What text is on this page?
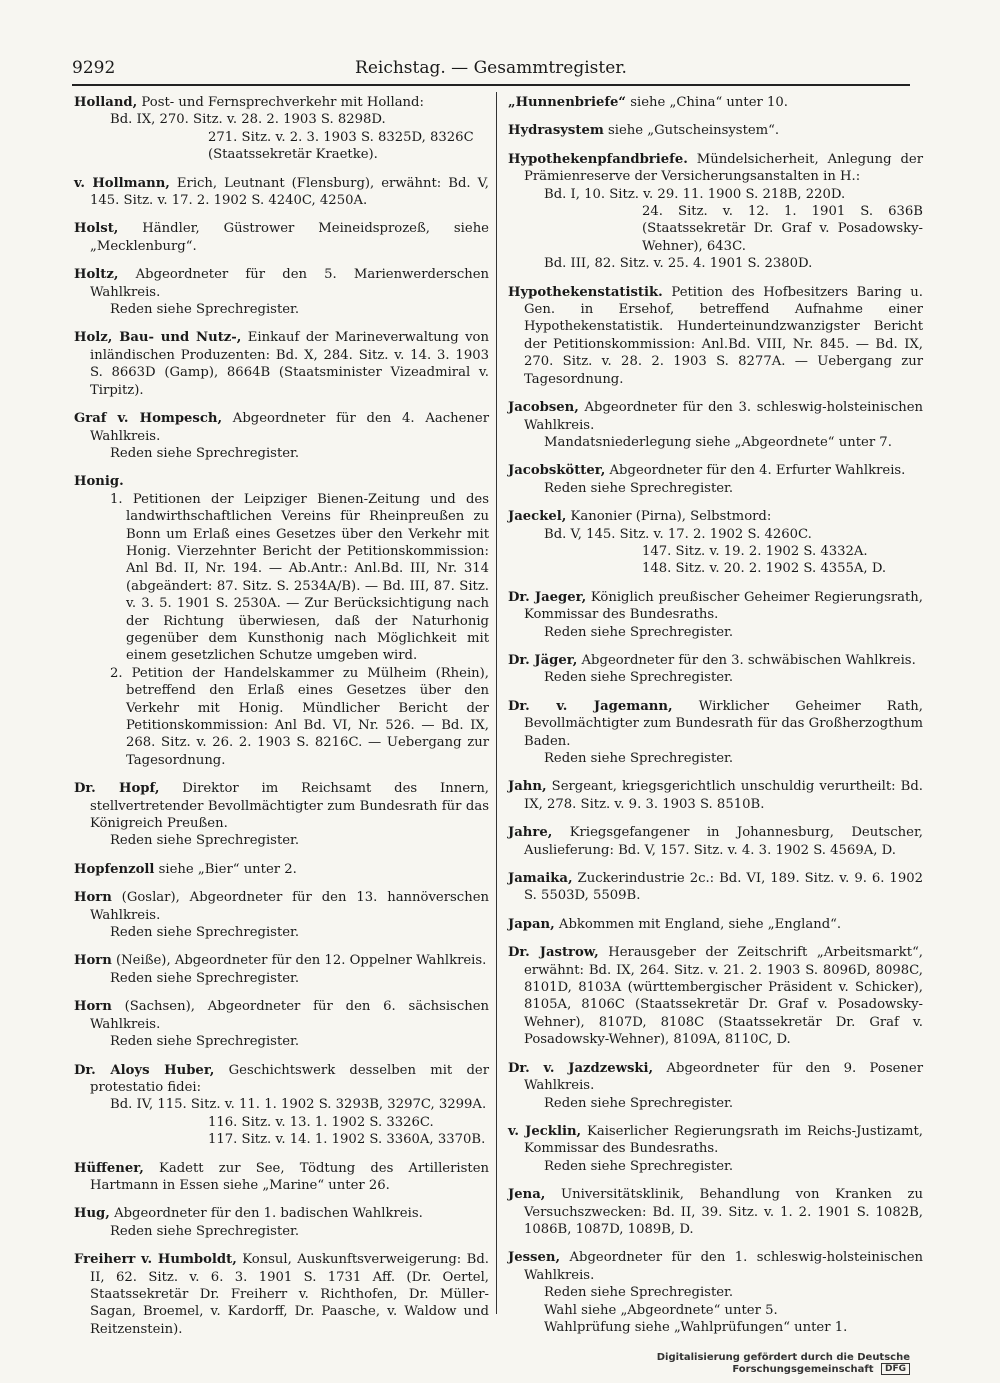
9292	Reichstag. — Gesammtregister.
Holland, Post- und Fernsprechverkehr mit Holland:
Bd. IX, 270. Sitz. v. 28. 2. 1903 S. 8298D.
271. Sitz. v. 2. 3. 1903 S. 8325D, 8326C
(Staatssekretär Kraetke).
v. Hollmann, Erich, Leutnant (Flensburg), erwähnt: Bd. V, 145. Sitz. v. 17. 2. 1902 S. 4240C, 4250A.
Holst, Händler, Güstrower Meineidsprozeß, siehe „Mecklenburg“.
Holtz, Abgeordneter für den 5. Marienwerderschen Wahlkreis.
Reden siehe Sprechregister.
Holz, Bau- und Nutz-, Einkauf der Marineverwaltung von inländischen Produzenten: Bd. X, 284. Sitz. v. 14. 3. 1903 S. 8663D (Gamp), 8664B (Staatsminister Vizeadmiral v. Tirpitz).
Graf v. Hompesch, Abgeordneter für den 4. Aachener Wahlkreis.
Reden siehe Sprechregister.
Honig.
1. Petitionen der Leipziger Bienen-Zeitung und des landwirthschaftlichen Vereins für Rheinpreußen zu Bonn um Erlaß eines Gesetzes über den Verkehr mit Honig. Vierzehnter Bericht der Petitionskommission: Anl Bd. II, Nr. 194. — Ab.Antr.: Anl.Bd. III, Nr. 314 (abgeändert: 87. Sitz. S. 2534A/B). — Bd. III, 87. Sitz. v. 3. 5. 1901 S. 2530A. — Zur Berücksichtigung nach der Richtung überwiesen, daß der Naturhonig gegenüber dem Kunsthonig nach Möglichkeit mit einem gesetzlichen Schutze umgeben wird.
2. Petition der Handelskammer zu Mülheim (Rhein), betreffend den Erlaß eines Gesetzes über den Verkehr mit Honig. Mündlicher Bericht der Petitionskommission: Anl Bd. VI, Nr. 526. — Bd. IX, 268. Sitz. v. 26. 2. 1903 S. 8216C. — Uebergang zur Tagesordnung.
Dr. Hopf, Direktor im Reichsamt des Innern, stellvertretender Bevollmächtigter zum Bundesrath für das Königreich Preußen.
Reden siehe Sprechregister.
Hopfenzoll siehe „Bier“ unter 2.
Horn (Goslar), Abgeordneter für den 13. hannöverschen Wahlkreis.
Reden siehe Sprechregister.
Horn (Neiße), Abgeordneter für den 12. Oppelner Wahlkreis.
Reden siehe Sprechregister.
Horn (Sachsen), Abgeordneter für den 6. sächsischen Wahlkreis.
Reden siehe Sprechregister.
Dr. Aloys Huber, Geschichtswerk desselben mit der protestatio fidei:
Bd. IV, 115. Sitz. v. 11. 1. 1902 S. 3293B, 3297C, 3299A.
116. Sitz. v. 13. 1. 1902 S. 3326C.
117. Sitz. v. 14. 1. 1902 S. 3360A, 3370B.
Hüffener, Kadett zur See, Tödtung des Artilleristen Hartmann in Essen siehe „Marine“ unter 26.
Hug, Abgeordneter für den 1. badischen Wahlkreis.
Reden siehe Sprechregister.
Freiherr v. Humboldt, Konsul, Auskunftsverweigerung: Bd. II, 62. Sitz. v. 6. 3. 1901 S. 1731 Aff. (Dr. Oertel, Staatssekretär Dr. Freiherr v. Richthofen, Dr. Müller-Sagan, Broemel, v. Kardorff, Dr. Paasche, v. Waldow und Reitzenstein).
„Hunnenbriefe“ siehe „China“ unter 10.
Hydrasystem siehe „Gutscheinsystem“.
Hypothekenpfandbriefe. Mündelsicherheit, Anlegung der Prämienreserve der Versicherungsanstalten in H.:
Bd. I, 10. Sitz. v. 29. 11. 1900 S. 218B, 220D.
24. Sitz. v. 12. 1. 1901 S. 636B (Staatssekretär Dr. Graf v. Posadowsky-Wehner), 643C.
Bd. III, 82. Sitz. v. 25. 4. 1901 S. 2380D.
Hypothekenstatistik. Petition des Hofbesitzers Baring u. Gen. in Ersehof, betreffend Aufnahme einer Hypothekenstatistik. Hunderteinundzwanzigster Bericht der Petitionskommission: Anl.Bd. VIII, Nr. 845. — Bd. IX, 270. Sitz. v. 28. 2. 1903 S. 8277A. — Uebergang zur Tagesordnung.
Jacobsen, Abgeordneter für den 3. schleswig-holsteinischen Wahlkreis.
Mandatsniederlegung siehe „Abgeordnete“ unter 7.
Jacobskötter, Abgeordneter für den 4. Erfurter Wahlkreis.
Reden siehe Sprechregister.
Jaeckel, Kanonier (Pirna), Selbstmord:
Bd. V, 145. Sitz. v. 17. 2. 1902 S. 4260C.
147. Sitz. v. 19. 2. 1902 S. 4332A.
148. Sitz. v. 20. 2. 1902 S. 4355A, D.
Dr. Jaeger, Königlich preußischer Geheimer Regierungsrath, Kommissar des Bundesraths.
Reden siehe Sprechregister.
Dr. Jäger, Abgeordneter für den 3. schwäbischen Wahlkreis.
Reden siehe Sprechregister.
Dr. v. Jagemann, Wirklicher Geheimer Rath, Bevollmächtigter zum Bundesrath für das Großherzogthum Baden.
Reden siehe Sprechregister.
Jahn, Sergeant, kriegsgerichtlich unschuldig verurtheilt: Bd. IX, 278. Sitz. v. 9. 3. 1903 S. 8510B.
Jahre, Kriegsgefangener in Johannesburg, Deutscher, Auslieferung: Bd. V, 157. Sitz. v. 4. 3. 1902 S. 4569A, D.
Jamaika, Zuckerindustrie 2c.: Bd. VI, 189. Sitz. v. 9. 6. 1902 S. 5503D, 5509B.
Japan, Abkommen mit England, siehe „England“.
Dr. Jastrow, Herausgeber der Zeitschrift „Arbeitsmarkt“, erwähnt: Bd. IX, 264. Sitz. v. 21. 2. 1903 S. 8096D, 8098C, 8101D, 8103A (württembergischer Präsident v. Schicker), 8105A, 8106C (Staatssekretär Dr. Graf v. Posadowsky-Wehner), 8107D, 8108C (Staatssekretär Dr. Graf v. Posadowsky-Wehner), 8109A, 8110C, D.
Dr. v. Jazdzewski, Abgeordneter für den 9. Posener Wahlkreis.
Reden siehe Sprechregister.
v. Jecklin, Kaiserlicher Regierungsrath im Reichs-Justizamt, Kommissar des Bundesraths.
Reden siehe Sprechregister.
Jena, Universitätsklinik, Behandlung von Kranken zu Versuchszwecken: Bd. II, 39. Sitz. v. 1. 2. 1901 S. 1082B, 1086B, 1087D, 1089B, D.
Jessen, Abgeordneter für den 1. schleswig-holsteinischen Wahlkreis.
Reden siehe Sprechregister.
Wahl siehe „Abgeordnete“ unter 5.
Wahlprüfung siehe „Wahlprüfungen“ unter 1.
Digitalisierung gefördert durch die Deutsche Forschungsgemeinschaft DFG
